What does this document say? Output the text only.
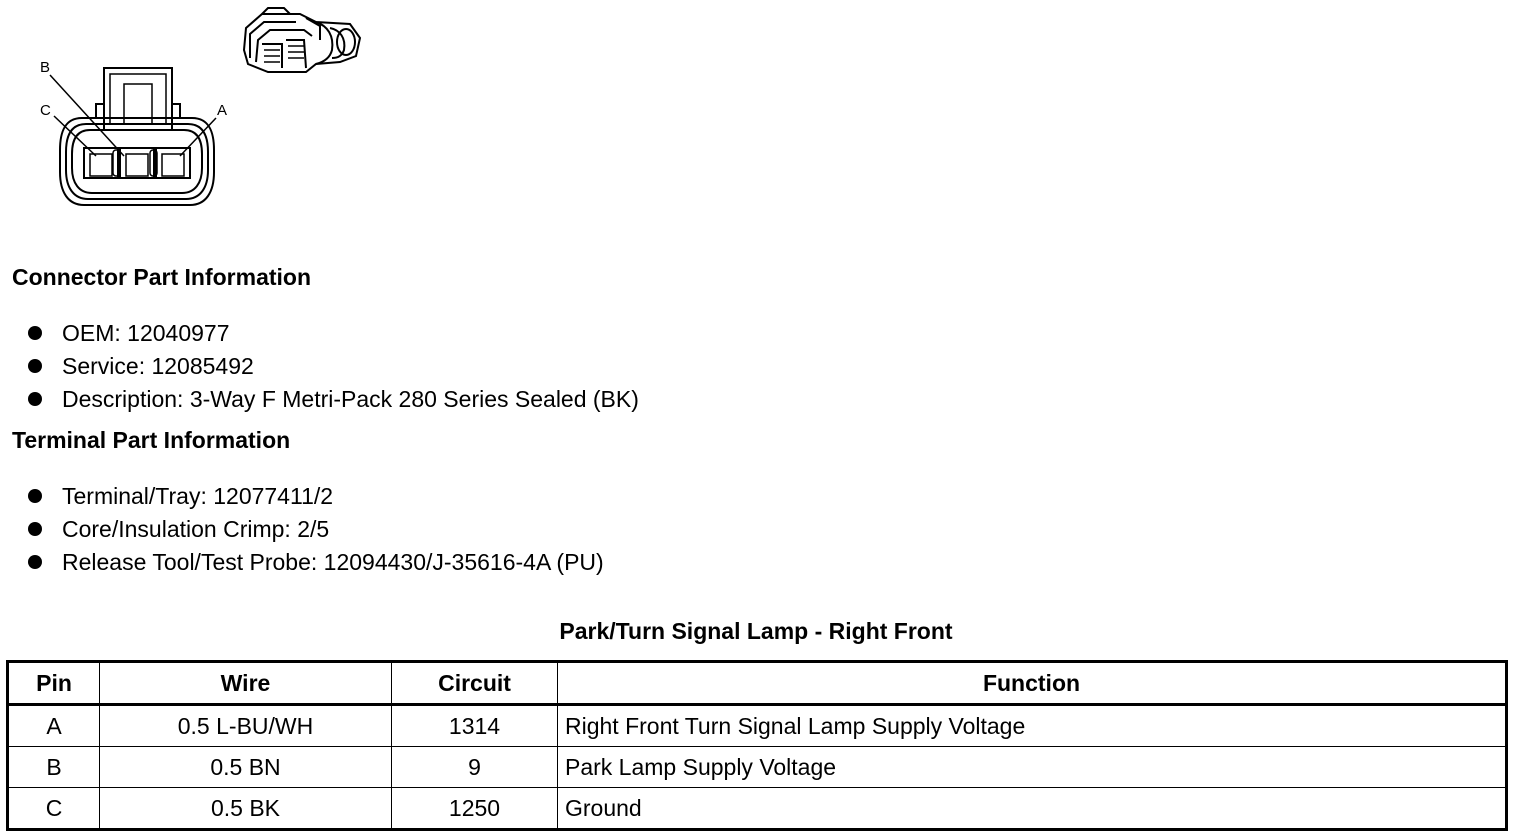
B
C	A
Connector Part Information
OEM: 12040977
Service: 12085492
Description: 3-Way F Metri-Pack 280 Series Sealed (BK)
Terminal Part Information
Terminal/Tray: 12077411/2
Core/Insulation Crimp: 2/5
Release Tool/Test Probe: 12094430/J-35616-4A (PU)
Park/Turn Signal Lamp - Right Front
Pin	Wire	Circuit	Function
A	0.5 L-BU/WH	1314	Right Front Turn Signal Lamp Supply Voltage
B	0.5 BN	9	Park Lamp Supply Voltage
C	0.5 BK	1250	Ground
